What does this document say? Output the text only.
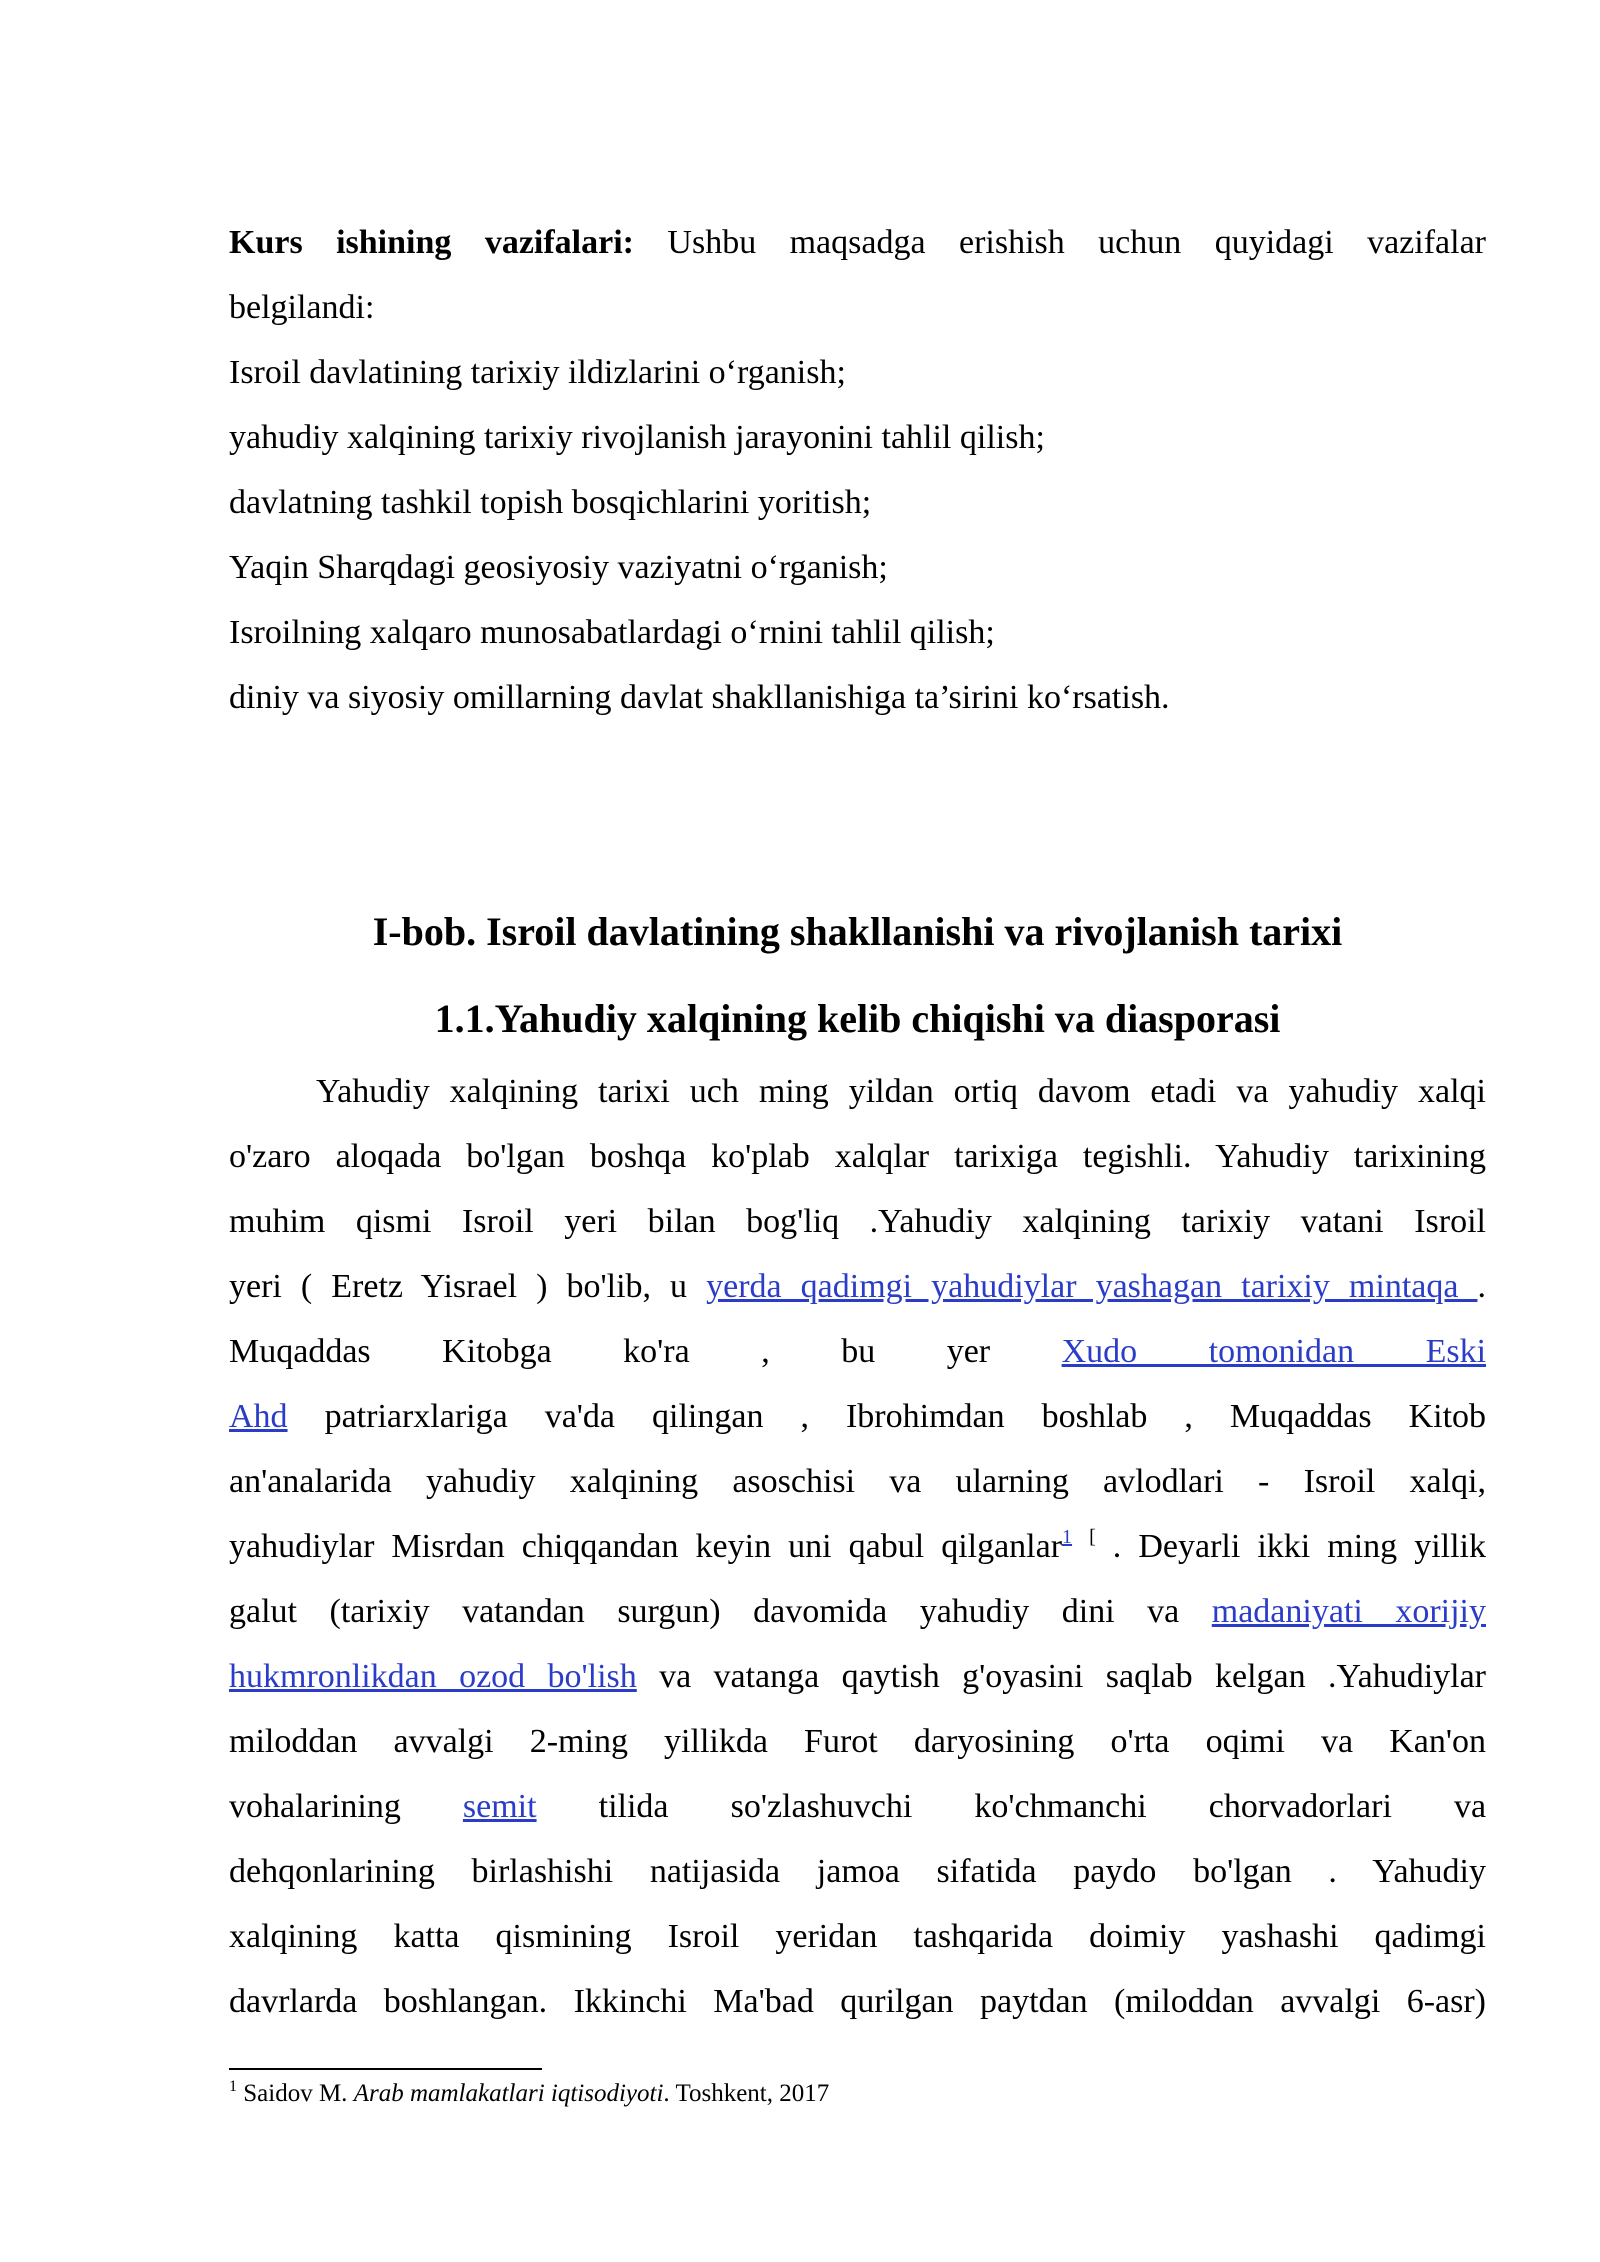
Kurs ishining vazifalari: Ushbu maqsadga erishish uchun quyidagi vazifalar
belgilandi:
Isroil davlatining tarixiy ildizlarini o‘rganish;
yahudiy xalqining tarixiy rivojlanish jarayonini tahlil qilish;
davlatning tashkil topish bosqichlarini yoritish;
Yaqin Sharqdagi geosiyosiy vaziyatni o‘rganish;
Isroilning xalqaro munosabatlardagi o‘rnini tahlil qilish;
diniy va siyosiy omillarning davlat shakllanishiga ta’sirini ko‘rsatish.
I-bob. Isroil davlatining shakllanishi va rivojlanish tarixi
1.1.Yahudiy xalqining kelib chiqishi va diasporasi
Yahudiy xalqining tarixi uch ming yildan ortiq davom etadi va yahudiy xalqi
o'zaro aloqada bo'lgan boshqa ko'plab xalqlar tarixiga tegishli. Yahudiy tarixining
muhim qismi Isroil yeri bilan bog'liq .Yahudiy xalqining tarixiy vatani Isroil
yeri ( Eretz Yisrael ) bo'lib, u yerda qadimgi yahudiylar yashagan tarixiy mintaqa .
Muqaddas Kitobga ko'ra , bu yer Xudo tomonidan Eski
Ahd patriarxlariga va'da qilingan , Ibrohimdan boshlab , Muqaddas Kitob
an'analarida yahudiy xalqining asoschisi va ularning avlodlari - Isroil xalqi,
yahudiylar Misrdan chiqqandan keyin uni qabul qilganlar$^1$ [ . Deyarli ikki ming yillik
galut (tarixiy vatandan surgun) davomida yahudiy dini va madaniyati xorijiy
hukmronlikdan ozod bo'lish va vatanga qaytish g'oyasini saqlab kelgan .Yahudiylar
miloddan avvalgi 2-ming yillikda Furot daryosining o'rta oqimi va Kan'on
vohalarining semit tilida so'zlashuvchi ko'chmanchi chorvadorlari va
dehqonlarining birlashishi natijasida jamoa sifatida paydo bo'lgan . Yahudiy
xalqining katta qismining Isroil yeridan tashqarida doimiy yashashi qadimgi
davrlarda boshlangan. Ikkinchi Ma'bad qurilgan paytdan (miloddan avvalgi 6-asr)
$^1$ Saidov M. Arab mamlakatlari iqtisodiyoti. Toshkent, 2017
